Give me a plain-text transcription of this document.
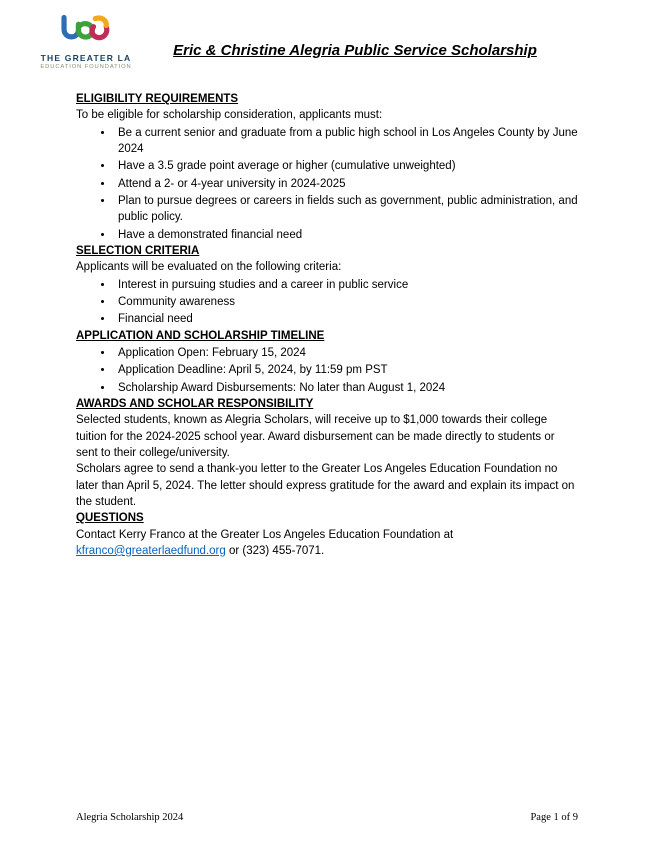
THE GREATER LA
EDUCATION FOUNDATION
Eric & Christine Alegria Public Service Scholarship

ELIGIBILITY REQUIREMENTS

To be eligible for scholarship consideration, applicants must:

• Be a current senior and graduate from a public high school in Los Angeles County by June 2024
• Have a 3.5 grade point average or higher (cumulative unweighted)
• Attend a 2- or 4-year university in 2024-2025
• Plan to pursue degrees or careers in fields such as government, public administration, and public policy.
• Have a demonstrated financial need

SELECTION CRITERIA

Applicants will be evaluated on the following criteria:

• Interest in pursuing studies and a career in public service
• Community awareness
• Financial need

APPLICATION AND SCHOLARSHIP TIMELINE

• Application Open: February 15, 2024
• Application Deadline: April 5, 2024, by 11:59 pm PST
• Scholarship Award Disbursements: No later than August 1, 2024

AWARDS AND SCHOLAR RESPONSIBILITY

Selected students, known as Alegria Scholars, will receive up to $1,000 towards their college tuition for the 2024-2025 school year. Award disbursement can be made directly to students or sent to their college/university.

Scholars agree to send a thank-you letter to the Greater Los Angeles Education Foundation no later than April 5, 2024. The letter should express gratitude for the award and explain its impact on the student.

QUESTIONS

Contact Kerry Franco at the Greater Los Angeles Education Foundation at kfranco@greaterlaedfund.org or (323) 455-7071.

Alegria Scholarship 2024	Page 1 of 9
